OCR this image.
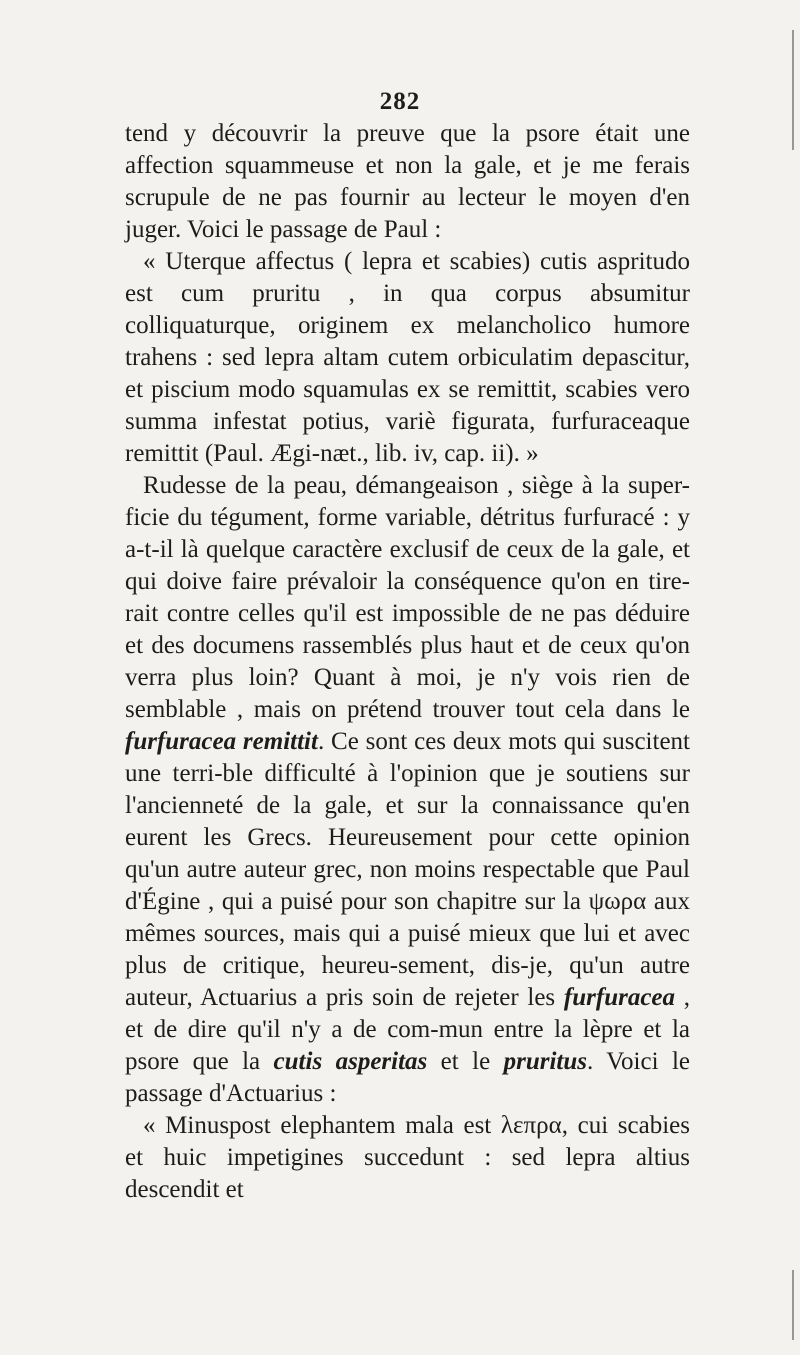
282

tend y découvrir la preuve que la psore était une affection squammeuse et non la gale, et je me ferais scrupule de ne pas fournir au lecteur le moyen d'en juger. Voici le passage de Paul :

« Uterque affectus ( lepra et scabies) cutis aspritudo est cum pruritu , in qua corpus absumitur colliquaturque, originem ex melancholico humore trahens : sed lepra altam cutem orbiculatim depascitur, et piscium modo squamulas ex se remittit, scabies vero summa infestat potius, variè figurata, furfuraceaque remittit (Paul. Ægi-næt., lib. iv, cap. ii). »

Rudesse de la peau, démangeaison , siège à la super-ficie du tégument, forme variable, détritus furfuracé : y a-t-il là quelque caractère exclusif de ceux de la gale, et qui doive faire prévaloir la conséquence qu'on en tire-rait contre celles qu'il est impossible de ne pas déduire et des documens rassemblés plus haut et de ceux qu'on verra plus loin? Quant à moi, je n'y vois rien de semblable , mais on prétend trouver tout cela dans le furfuracea remittit. Ce sont ces deux mots qui suscitent une terri-ble difficulté à l'opinion que je soutiens sur l'ancienneté de la gale, et sur la connaissance qu'en eurent les Grecs. Heureusement pour cette opinion qu'un autre auteur grec, non moins respectable que Paul d'Égine , qui a puisé pour son chapitre sur la ψωρα aux mêmes sources, mais qui a puisé mieux que lui et avec plus de critique, heureu-sement, dis-je, qu'un autre auteur, Actuarius a pris soin de rejeter les furfuracea , et de dire qu'il n'y a de com-mun entre la lèpre et la psore que la cutis asperitas et le pruritus. Voici le passage d'Actuarius :

« Minuspost elephantem mala est λεπρα, cui scabies et huic impetigines succedunt : sed lepra altius descendit et
